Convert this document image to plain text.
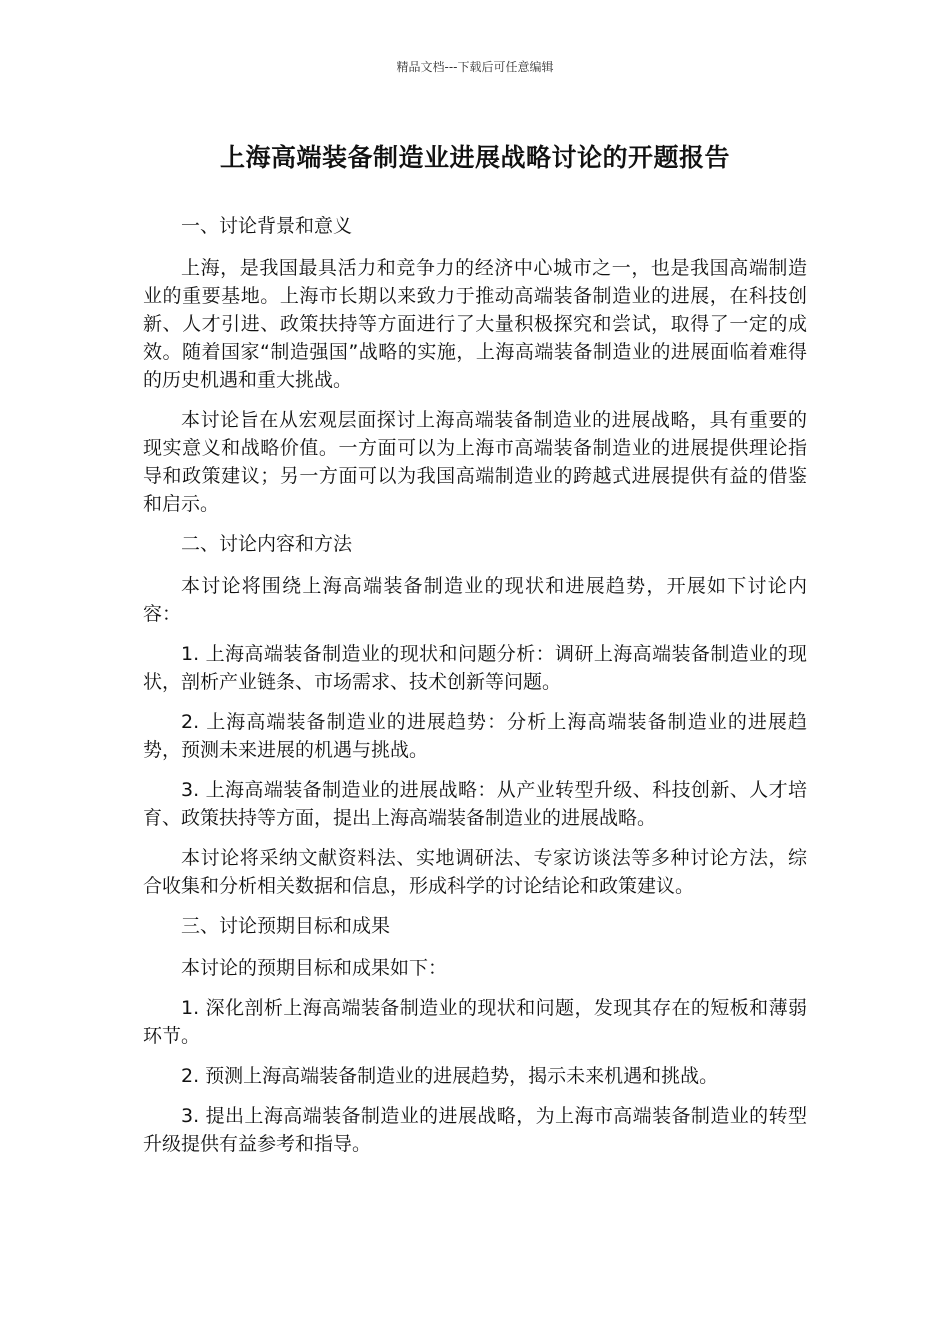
精品文档---下载后可任意编辑
上海高端装备制造业进展战略讨论的开题报告

一、讨论背景和意义

上海，是我国最具活力和竞争力的经济中心城市之一，也是我国高端制造业的重要基地。上海市长期以来致力于推动高端装备制造业的进展，在科技创新、人才引进、政策扶持等方面进行了大量积极探究和尝试，取得了一定的成效。随着国家“制造强国”战略的实施，上海高端装备制造业的进展面临着难得的历史机遇和重大挑战。

本讨论旨在从宏观层面探讨上海高端装备制造业的进展战略，具有重要的现实意义和战略价值。一方面可以为上海市高端装备制造业的进展提供理论指导和政策建议；另一方面可以为我国高端制造业的跨越式进展提供有益的借鉴和启示。

二、讨论内容和方法

本讨论将围绕上海高端装备制造业的现状和进展趋势，开展如下讨论内容：

1. 上海高端装备制造业的现状和问题分析：调研上海高端装备制造业的现状，剖析产业链条、市场需求、技术创新等问题。

2. 上海高端装备制造业的进展趋势：分析上海高端装备制造业的进展趋势，预测未来进展的机遇与挑战。

3. 上海高端装备制造业的进展战略：从产业转型升级、科技创新、人才培育、政策扶持等方面，提出上海高端装备制造业的进展战略。

本讨论将采纳文献资料法、实地调研法、专家访谈法等多种讨论方法，综合收集和分析相关数据和信息，形成科学的讨论结论和政策建议。

三、讨论预期目标和成果

本讨论的预期目标和成果如下：

1. 深化剖析上海高端装备制造业的现状和问题，发现其存在的短板和薄弱环节。

2. 预测上海高端装备制造业的进展趋势，揭示未来机遇和挑战。

3. 提出上海高端装备制造业的进展战略，为上海市高端装备制造业的转型升级提供有益参考和指导。
